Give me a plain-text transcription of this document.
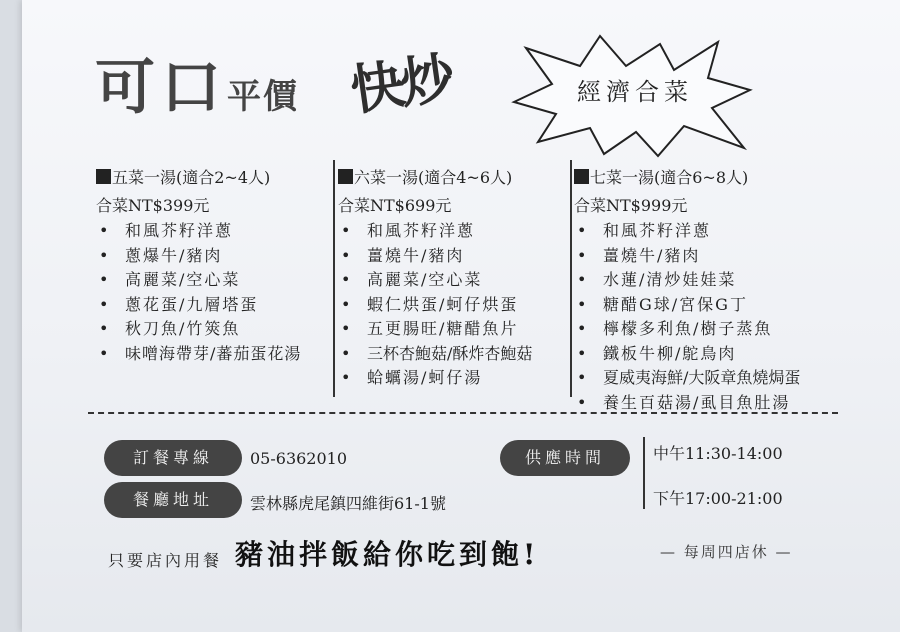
可口平價 快炒	經濟合菜
五菜一湯(適合2~4人)
合菜NT$399元
• 和風芥籽洋蔥
• 蔥爆牛/豬肉
• 高麗菜/空心菜
• 蔥花蛋/九層塔蛋
• 秋刀魚/竹筴魚
• 味噌海帶芽/蕃茄蛋花湯
六菜一湯(適合4~6人)
合菜NT$699元
• 和風芥籽洋蔥
• 薑燒牛/豬肉
• 高麗菜/空心菜
• 蝦仁烘蛋/蚵仔烘蛋
• 五更腸旺/糖醋魚片
• 三杯杏鮑菇/酥炸杏鮑菇
• 蛤蠣湯/蚵仔湯
七菜一湯(適合6~8人)
合菜NT$999元
• 和風芥籽洋蔥
• 薑燒牛/豬肉
• 水蓮/清炒娃娃菜
• 糖醋G球/宮保G丁
• 檸檬多利魚/樹子蒸魚
• 鐵板牛柳/鴕鳥肉
• 夏威夷海鮮/大阪章魚燒焗蛋
• 養生百菇湯/虱目魚肚湯
訂餐專線	05-6362010
餐廳地址	雲林縣虎尾鎮四維街61-1號
供應時間	中午11:30-14:00
下午17:00-21:00
只要店內用餐 豬油拌飯給你吃到飽!	— 每周四店休 —
